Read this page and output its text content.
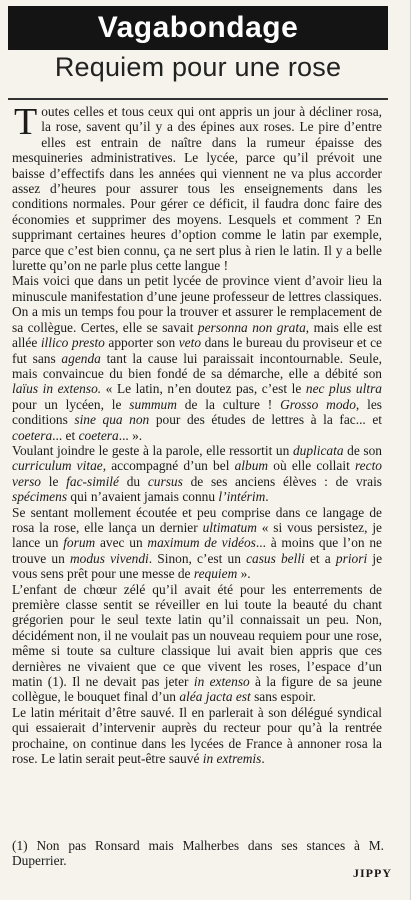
Vagabondage
Requiem pour une rose

Toutes celles et tous ceux qui ont appris un jour à décliner rosa, la rose, savent qu’il y a des épines aux roses. Le pire d’entre elles est entrain de naître dans la rumeur épaisse des mesquineries administratives. Le lycée, parce qu’il prévoit une baisse d’effectifs dans les années qui viennent ne va plus accorder assez d’heures pour assurer tous les enseignements dans les conditions normales. Pour gérer ce déficit, il faudra donc faire des économies et supprimer des moyens. Lesquels et comment ? En supprimant certaines heures d’option comme le latin par exemple, parce que c’est bien connu, ça ne sert plus à rien le latin. Il y a belle lurette qu’on ne parle plus cette langue !

Mais voici que dans un petit lycée de province vient d’avoir lieu la minuscule manifestation d’une jeune professeur de lettres classiques. On a mis un temps fou pour la trouver et assurer le remplacement de sa collègue. Certes, elle se savait personna non grata, mais elle est allée illico presto apporter son veto dans le bureau du proviseur et ce fut sans agenda tant la cause lui paraissait incontournable. Seule, mais convaincue du bien fondé de sa démarche, elle a débité son laïus in extenso. « Le latin, n’en doutez pas, c’est le nec plus ultra pour un lycéen, le summum de la culture ! Grosso modo, les conditions sine qua non pour des études de lettres à la fac... et coetera... et coetera... ».

Voulant joindre le geste à la parole, elle ressortit un duplicata de son curriculum vitae, accompagné d’un bel album où elle collait recto verso le fac-similé du cursus de ses anciens élèves : de vrais spécimens qui n’avaient jamais connu l’intérim.

Se sentant mollement écoutée et peu comprise dans ce langage de rosa la rose, elle lança un dernier ultimatum « si vous persistez, je lance un forum avec un maximum de vidéos... à moins que l’on ne trouve un modus vivendi. Sinon, c’est un casus belli et a priori je vous sens prêt pour une messe de requiem ».

L’enfant de chœur zélé qu’il avait été pour les enterrements de première classe sentit se réveiller en lui toute la beauté du chant grégorien pour le seul texte latin qu’il connaissait un peu. Non, décidément non, il ne voulait pas un nouveau requiem pour une rose, même si toute sa culture classique lui avait bien appris que ces dernières ne vivaient que ce que vivent les roses, l’espace d’un matin (1). Il ne devait pas jeter in extenso à la figure de sa jeune collègue, le bouquet final d’un aléa jacta est sans espoir.

Le latin méritait d’être sauvé. Il en parlerait à son délégué syndical qui essaierait d’intervenir auprès du recteur pour qu’à la rentrée prochaine, on continue dans les lycées de France à annoner rosa la rose. Le latin serait peut-être sauvé in extremis.

(1) Non pas Ronsard mais Malherbes dans ses stances à M. Duperrier.

JIPPY
